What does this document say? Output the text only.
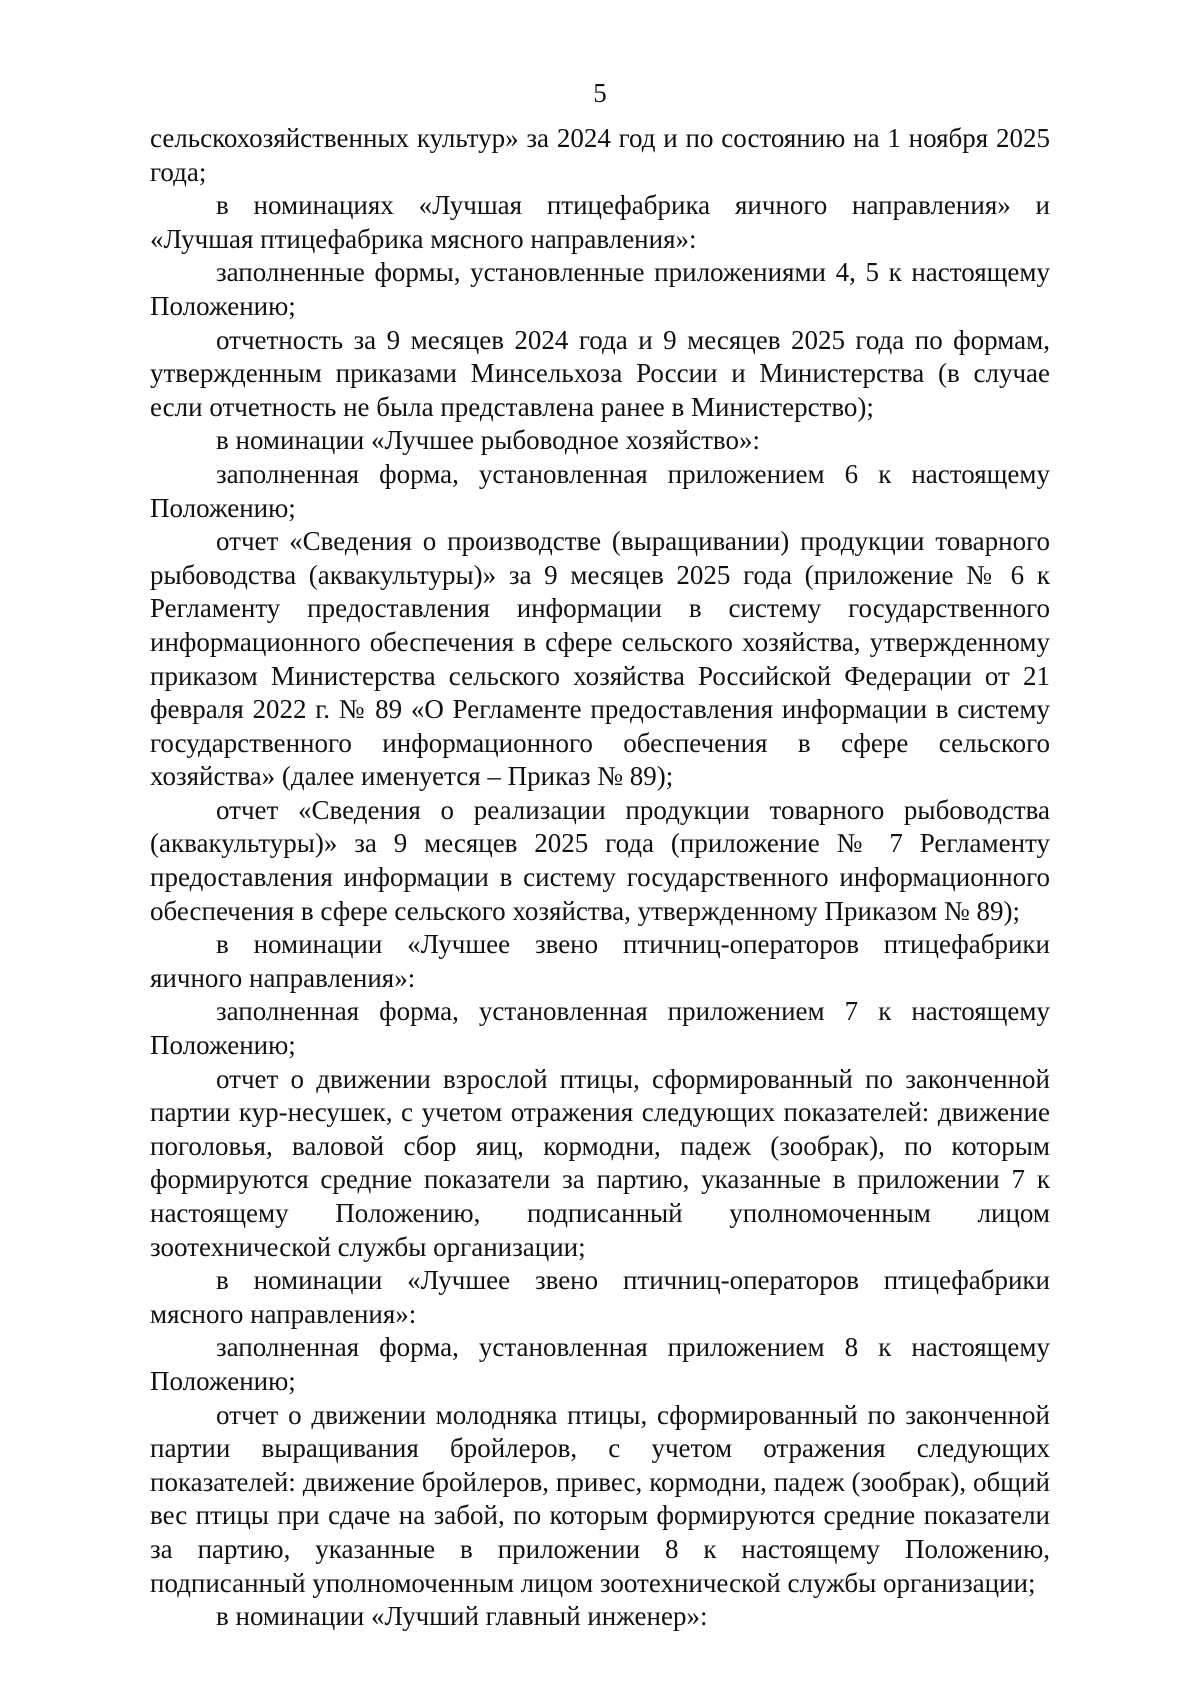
5

сельскохозяйственных культур» за 2024 год и по состоянию на 1 ноября 2025 года;

в номинациях «Лучшая птицефабрика яичного направления» и «Лучшая птицефабрика мясного направления»:

заполненные формы, установленные приложениями 4, 5 к настоящему Положению;

отчетность за 9 месяцев 2024 года и 9 месяцев 2025 года по формам, утвержденным приказами Минсельхоза России и Министерства (в случае если отчетность не была представлена ранее в Министерство);

в номинации «Лучшее рыбоводное хозяйство»:

заполненная форма, установленная приложением 6 к настоящему Положению;

отчет «Сведения о производстве (выращивании) продукции товарного рыбоводства (аквакультуры)» за 9 месяцев 2025 года (приложение № 6 к Регламенту предоставления информации в систему государственного информационного обеспечения в сфере сельского хозяйства, утвержденному приказом Министерства сельского хозяйства Российской Федерации от 21 февраля 2022 г. № 89 «О Регламенте предоставления информации в систему государственного информационного обеспечения в сфере сельского хозяйства» (далее именуется – Приказ № 89);

отчет «Сведения о реализации продукции товарного рыбоводства (аквакультуры)» за 9 месяцев 2025 года (приложение № 7 Регламенту предоставления информации в систему государственного информационного обеспечения в сфере сельского хозяйства, утвержденному Приказом № 89);

в номинации «Лучшее звено птичниц-операторов птицефабрики яичного направления»:

заполненная форма, установленная приложением 7 к настоящему Положению;

отчет о движении взрослой птицы, сформированный по законченной партии кур-несушек, с учетом отражения следующих показателей: движение поголовья, валовой сбор яиц, кормодни, падеж (зообрак), по которым формируются средние показатели за партию, указанные в приложении 7 к настоящему Положению, подписанный уполномоченным лицом зоотехнической службы организации;

в номинации «Лучшее звено птичниц-операторов птицефабрики мясного направления»:

заполненная форма, установленная приложением 8 к настоящему Положению;

отчет о движении молодняка птицы, сформированный по законченной партии выращивания бройлеров, с учетом отражения следующих показателей: движение бройлеров, привес, кормодни, падеж (зообрак), общий вес птицы при сдаче на забой, по которым формируются средние показатели за партию, указанные в приложении 8 к настоящему Положению, подписанный уполномоченным лицом зоотехнической службы организации;

в номинации «Лучший главный инженер»:
